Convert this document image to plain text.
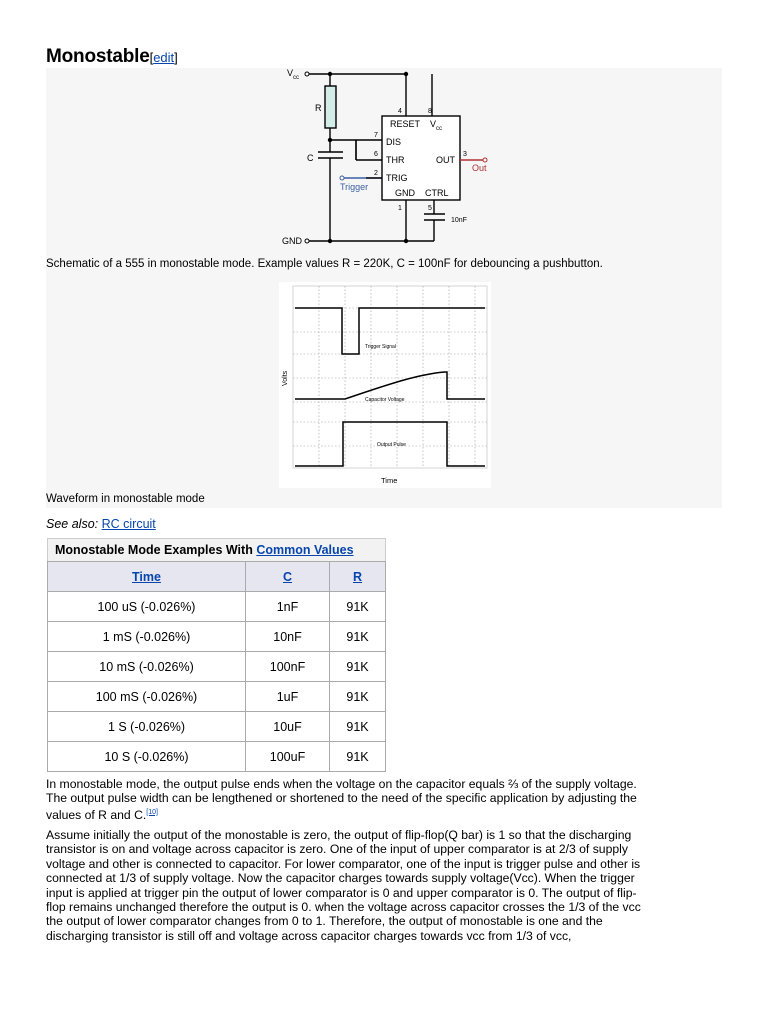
Monostable[edit]
V cc
R
C
Trigger
GND
4	8
7
6
2
3
1	5
RESET V cc
DIS
THR	OUT
TRIG
GND CTRL
Out
10nF
Schematic of a 555 in monostable mode. Example values R = 220K, C = 100nF for debouncing a pushbutton.
Trigger Signal
Capacitor Voltage
Output Pulse
Volts
Time
Waveform in monostable mode
See also: RC circuit
Monostable Mode Examples With Common Values
Time	C	R
100 uS (-0.026%)	1nF	91K
1 mS (-0.026%)	10nF	91K
10 mS (-0.026%)	100nF	91K
100 mS (-0.026%)	1uF	91K
1 S (-0.026%)	10uF	91K
10 S (-0.026%)	100uF	91K
In monostable mode, the output pulse ends when the voltage on the capacitor equals ⅔ of the supply voltage.
The output pulse width can be lengthened or shortened to the need of the specific application by adjusting the
values of R and C.[10]
Assume initially the output of the monostable is zero, the output of flip-flop(Q bar) is 1 so that the discharging
transistor is on and voltage across capacitor is zero. One of the input of upper comparator is at 2/3 of supply
voltage and other is connected to capacitor. For lower comparator, one of the input is trigger pulse and other is
connected at 1/3 of supply voltage. Now the capacitor charges towards supply voltage(Vcc). When the trigger
input is applied at trigger pin the output of lower comparator is 0 and upper comparator is 0. The output of flip-
flop remains unchanged therefore the output is 0. when the voltage across capacitor crosses the 1/3 of the vcc
the output of lower comparator changes from 0 to 1. Therefore, the output of monostable is one and the
discharging transistor is still off and voltage across capacitor charges towards vcc from 1/3 of vcc,
